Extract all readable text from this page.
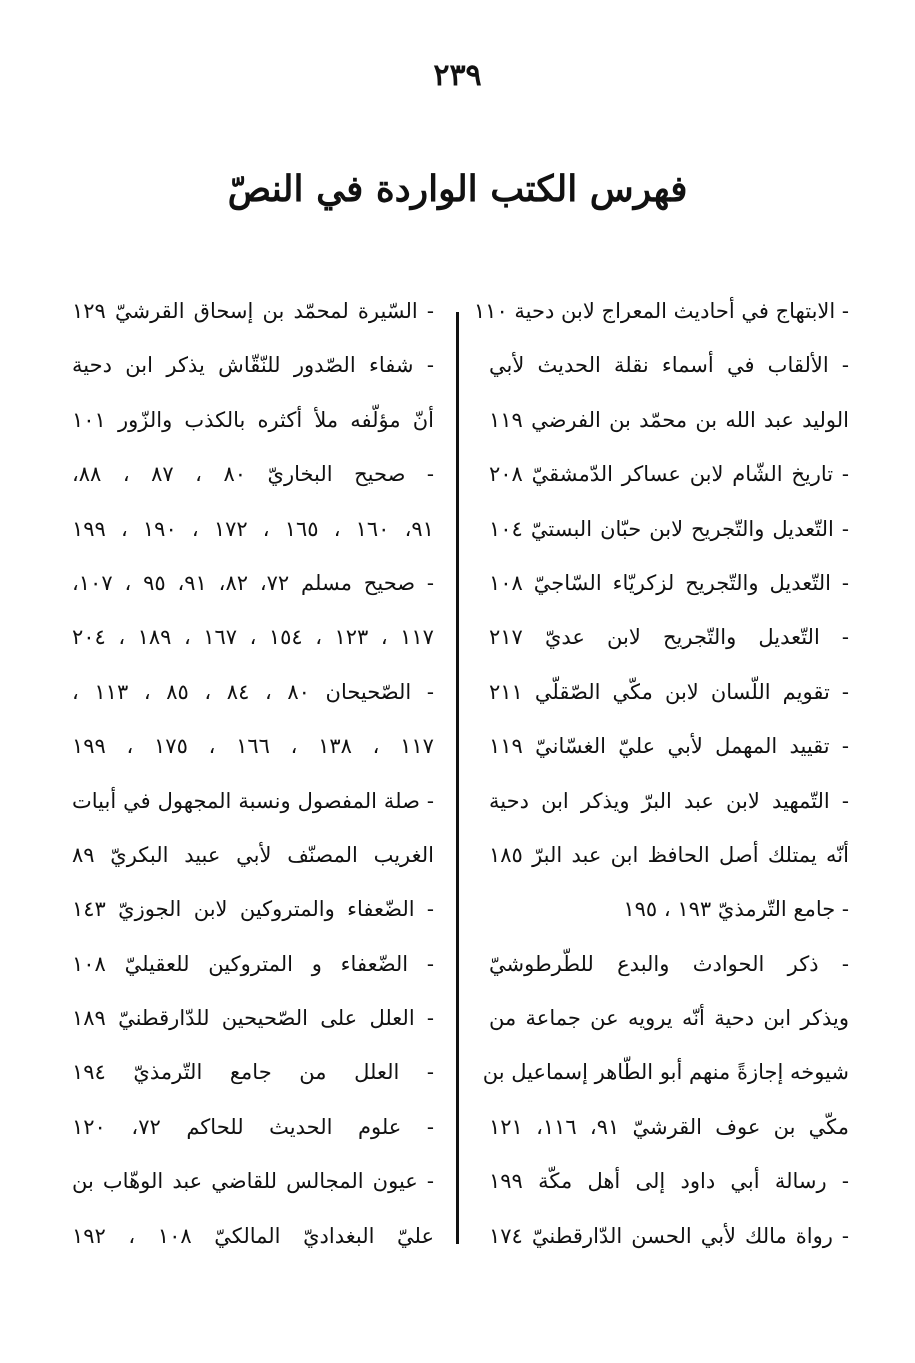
٢٣٩
فهرس الكتب الواردة في النصّ
- الابتهاج في أحاديث المعراج لابن دحية ١١٠
- الألقاب في أسماء نقلة الحديث لأبي
الوليد عبد الله بن محمّد بن الفرضي ١١٩
- تاريخ الشّام لابن عساكر الدّمشقيّ ٢٠٨
- التّعديل والتّجريح لابن حبّان البستيّ ١٠٤
- التّعديل والتّجريح لزكريّاء السّاجيّ ١٠٨
- التّعديل والتّجريح لابن عديّ ٢١٧
- تقويم اللّسان لابن مكّي الصّقلّي ٢١١
- تقييد المهمل لأبي عليّ الغسّانيّ ١١٩
- التّمهيد لابن عبد البرّ ويذكر ابن دحية
أنّه يمتلك أصل الحافظ ابن عبد البرّ ١٨٥
- جامع التّرمذيّ ١٩٣ ، ١٩٥
- ذكر الحوادث والبدع للطّرطوشيّ
ويذكر ابن دحية أنّه يرويه عن جماعة من
شيوخه إجازةً منهم أبو الطّاهر إسماعيل بن
مكّي بن عوف القرشيّ ٩١، ١١٦، ١٢١
- رسالة أبي داود إلى أهل مكّة ١٩٩
- رواة مالك لأبي الحسن الدّارقطنيّ ١٧٤
- السّيرة لمحمّد بن إسحاق القرشيّ ١٢٩
- شفاء الصّدور للنّقّاش يذكر ابن دحية
أنّ مؤلّفه ملأ أكثره بالكذب والزّور ١٠١
- صحيح البخاريّ ٨٠ ، ٨٧ ، ٨٨،
٩١، ١٦٠ ، ١٦٥ ، ١٧٢ ، ١٩٠ ، ١٩٩
- صحيح مسلم ٧٢، ٨٢، ٩١، ٩٥ ، ١٠٧،
١١٧ ، ١٢٣ ، ١٥٤ ، ١٦٧ ، ١٨٩ ، ٢٠٤
- الصّحيحان ٨٠ ، ٨٤ ، ٨٥ ، ١١٣ ،
١١٧ ، ١٣٨ ، ١٦٦ ، ١٧٥ ، ١٩٩
- صلة المفصول ونسبة المجهول في أبيات
الغريب المصنّف لأبي عبيد البكريّ ٨٩
- الضّعفاء والمتروكين لابن الجوزيّ ١٤٣
- الضّعفاء و المتروكين للعقيليّ ١٠٨
- العلل على الصّحيحين للدّارقطنيّ ١٨٩
- العلل من جامع التّرمذيّ ١٩٤
- علوم الحديث للحاكم ٧٢، ١٢٠
- عيون المجالس للقاضي عبد الوهّاب بن
عليّ البغداديّ المالكيّ ١٠٨ ، ١٩٢
